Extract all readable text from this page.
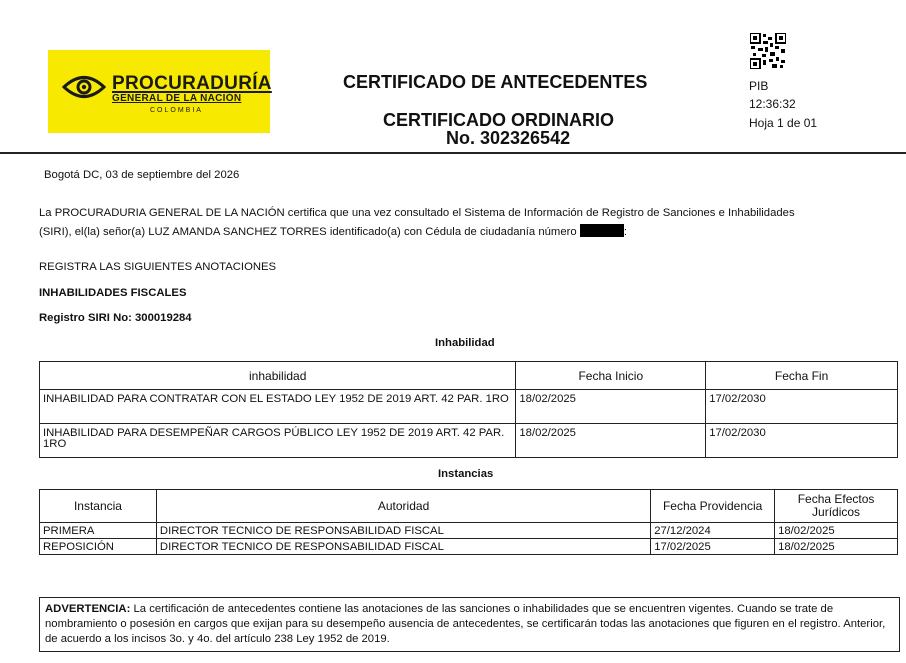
PROCURADURÍA
GENERAL DE LA NACIÓN
COLOMBIA
CERTIFICADO DE ANTECEDENTES
CERTIFICADO ORDINARIO
No. 302326542
PIB
12:36:32
Hoja 1 de 01
Bogotá DC, 03 de septiembre del 2026
La PROCURADURIA GENERAL DE LA NACIÓN certifica que una vez consultado el Sistema de Información de Registro de Sanciones e Inhabilidades
(SIRI), el(la) señor(a) LUZ AMANDA SANCHEZ TORRES identificado(a) con Cédula de ciudadanía número	:
REGISTRA LAS SIGUIENTES ANOTACIONES
INHABILIDADES FISCALES
Registro SIRI No: 300019284
Inhabilidad
inhabilidad	Fecha Inicio	Fecha Fin
INHABILIDAD PARA CONTRATAR CON EL ESTADO LEY 1952 DE 2019 ART. 42 PAR. 1RO	18/02/2025	17/02/2030
INHABILIDAD PARA DESEMPEÑAR CARGOS PÚBLICO LEY 1952 DE 2019 ART. 42 PAR. 1RO	18/02/2025	17/02/2030
Instancias
Instancia	Autoridad	Fecha Providencia	Fecha Efectos Jurídicos
PRIMERA	DIRECTOR TECNICO DE RESPONSABILIDAD FISCAL	27/12/2024	18/02/2025
REPOSICIÓN	DIRECTOR TECNICO DE RESPONSABILIDAD FISCAL	17/02/2025	18/02/2025
ADVERTENCIA: La certificación de antecedentes contiene las anotaciones de las sanciones o inhabilidades que se encuentren vigentes. Cuando se trate de nombramiento o posesión en cargos que exijan para su desempeño ausencia de antecedentes, se certificarán todas las anotaciones que figuren en el registro. Anterior, de acuerdo a los incisos 3o. y 4o. del artículo 238 Ley 1952 de 2019.
